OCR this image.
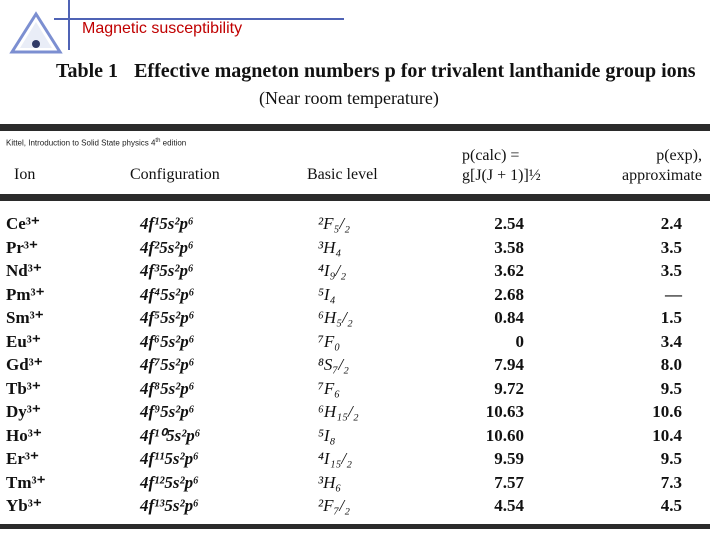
Magnetic susceptibility
Table 1 Effective magneton numbers p for trivalent lanthanide group ions
(Near room temperature)
Kittel, Introduction to Solid State physics 4th edition
Ion	Configuration	Basic level
p(calc) =
g[J(J + 1)]½
p(exp),
approximate
Ce³⁺	4f¹5s²p⁶	²F₅/₂	2.54	2.4
Pr³⁺	4f²5s²p⁶	³H₄	3.58	3.5
Nd³⁺	4f³5s²p⁶	⁴I₉/₂	3.62	3.5
Pm³⁺	4f⁴5s²p⁶	⁵I₄	2.68	—
Sm³⁺	4f⁵5s²p⁶	⁶H₅/₂	0.84	1.5
Eu³⁺	4f⁶5s²p⁶	⁷F₀	0	3.4
Gd³⁺	4f⁷5s²p⁶	⁸S₇/₂	7.94	8.0
Tb³⁺	4f⁸5s²p⁶	⁷F₆	9.72	9.5
Dy³⁺	4f⁹5s²p⁶	⁶H₁₅/₂	10.63	10.6
Ho³⁺	4f¹⁰5s²p⁶	⁵I₈	10.60	10.4
Er³⁺	4f¹¹5s²p⁶	⁴I₁₅/₂	9.59	9.5
Tm³⁺	4f¹²5s²p⁶	³H₆	7.57	7.3
Yb³⁺	4f¹³5s²p⁶	²F₇/₂	4.54	4.5
